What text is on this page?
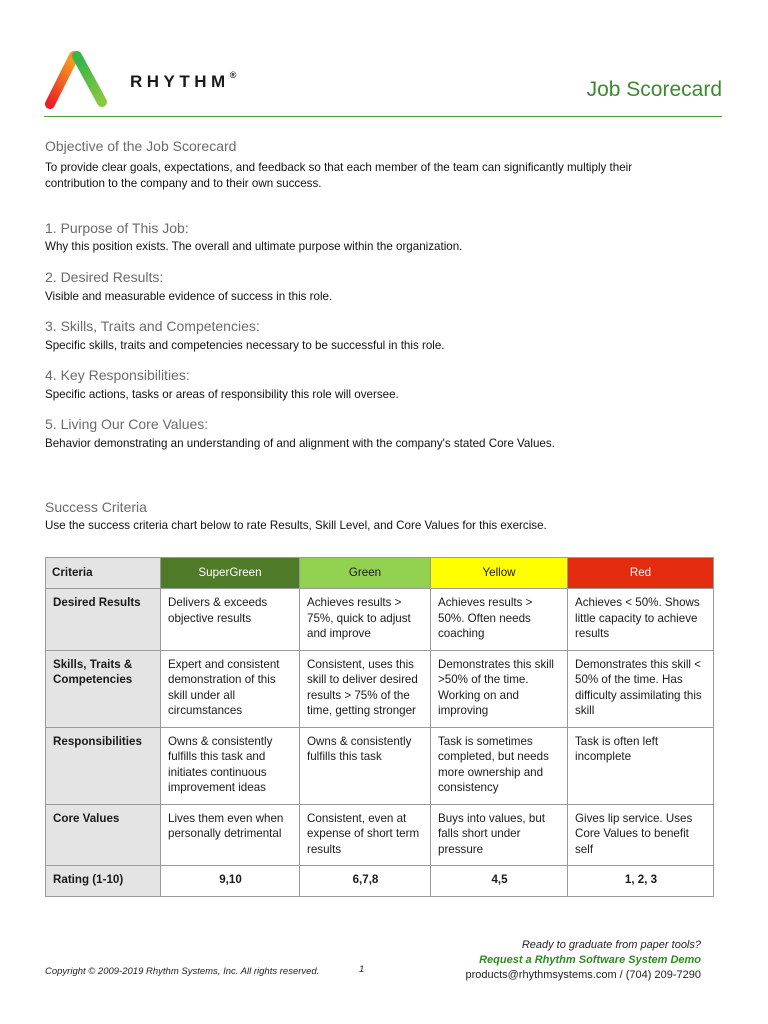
RHYTHM®
Job Scorecard
Objective of the Job Scorecard
To provide clear goals, expectations, and feedback so that each member of the team can significantly multiply their contribution to the company and to their own success.
1. Purpose of This Job:
Why this position exists. The overall and ultimate purpose within the organization.
2. Desired Results:
Visible and measurable evidence of success in this role.
3. Skills, Traits and Competencies:
Specific skills, traits and competencies necessary to be successful in this role.
4. Key Responsibilities:
Specific actions, tasks or areas of responsibility this role will oversee.
5. Living Our Core Values:
Behavior demonstrating an understanding of and alignment with the company's stated Core Values.
Success Criteria
Use the success criteria chart below to rate Results, Skill Level, and Core Values for this exercise.
Criteria	SuperGreen	Green	Yellow	Red
Desired Results	Delivers & exceeds objective results	Achieves results > 75%, quick to adjust and improve	Achieves results > 50%. Often needs coaching	Achieves < 50%. Shows little capacity to achieve results
Skills, Traits & Competencies	Expert and consistent demonstration of this skill under all circumstances	Consistent, uses this skill to deliver desired results > 75% of the time, getting stronger	Demonstrates this skill >50% of the time. Working on and improving	Demonstrates this skill < 50% of the time. Has difficulty assimilating this skill
Responsibilities	Owns & consistently fulfills this task and initiates continuous improvement ideas	Owns & consistently fulfills this task	Task is sometimes completed, but needs more ownership and consistency	Task is often left incomplete
Core Values	Lives them even when personally detrimental	Consistent, even at expense of short term results	Buys into values, but falls short under pressure	Gives lip service. Uses Core Values to benefit self
Rating (1-10)	9,10	6,7,8	4,5	1, 2, 3
Ready to graduate from paper tools?
Request a Rhythm Software System Demo
products@rhythmsystems.com / (704) 209-7290
Copyright © 2009-2019 Rhythm Systems, Inc. All rights reserved.	1
